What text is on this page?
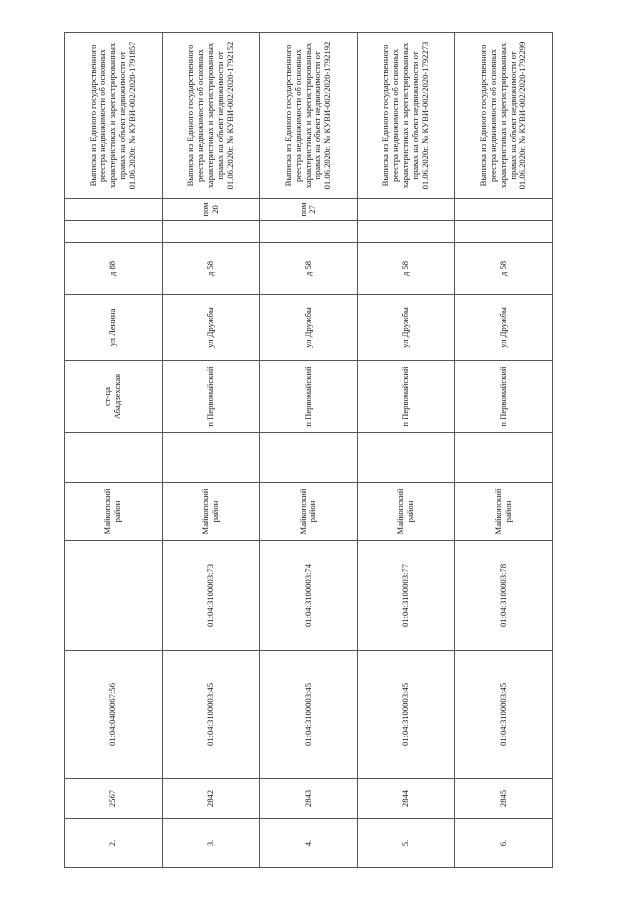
2.	2567	01:04:0400067:56		Майкопский район		ст-ца Абадзехская	ул Ленина	д 88			Выписка из Единого государственного реестра недвижимости об основных характеристиках и зарегистрированных правах на объект недвижимости от 01.06.2020г. № КУВИ-002/2020-1791857
3.	2842	01:04:3100003:45	01:04:3100003:73	Майкопский район		п Первомайский	ул Дружбы	д 58		пом 20	Выписка из Единого государственного реестра недвижимости об основных характеристиках и зарегистрированных правах на объект недвижимости от 01.06.2020г. № КУВИ-002/2020-1792152
4.	2843	01:04:3100003:45	01:04:3100003:74	Майкопский район		п Первомайский	ул Дружбы	д 58		пом 27	Выписка из Единого государственного реестра недвижимости об основных характеристиках и зарегистрированных правах на объект недвижимости от 01.06.2020г. № КУВИ-002/2020-1792192
5.	2844	01:04:3100003:45	01:04:3100003:77	Майкопский район		п Первомайский	ул Дружбы	д 58			Выписка из Единого государственного реестра недвижимости об основных характеристиках и зарегистрированных правах на объект недвижимости от 01.06.2020г. № КУВИ-002/2020-1792273
6.	2845	01:04:3100003:45	01:04:3100003:78	Майкопский район		п Первомайский	ул Дружбы	д 58			Выписка из Единого государственного реестра недвижимости об основных характеристиках и зарегистрированных правах на объект недвижимости от 01.06.2020г. № КУВИ-002/2020-1792299
